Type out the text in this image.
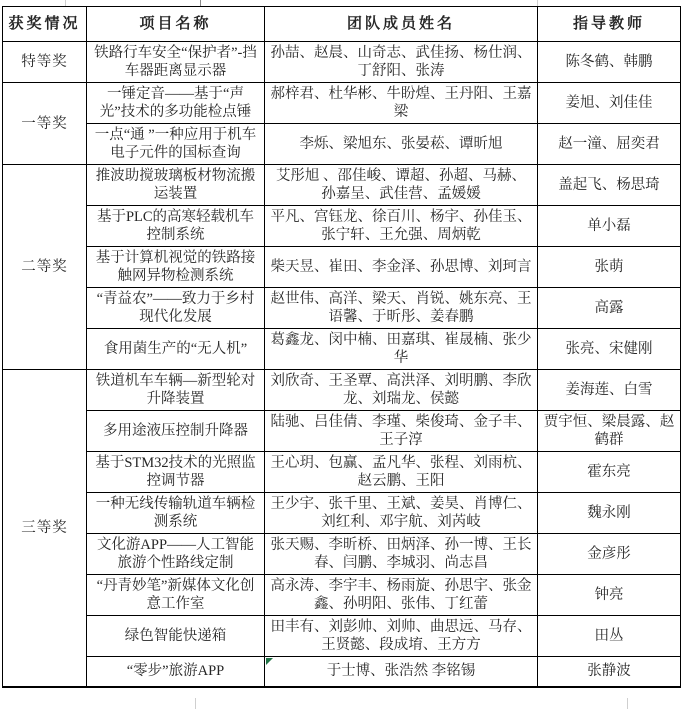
获奖情况	项目名称	团队成员姓名	指导教师
特等奖	铁路行车安全“保护者”-挡车器距离显示器	孙喆、赵晨、山奇志、武佳扬、杨仕润、丁舒阳、张涛	陈冬鹤、韩鹏
一等奖	一锤定音——基于“声光”技术的多功能检点锤	郝梓君、杜华彬、牛盼煌、王丹阳、王嘉梁	姜旭、刘佳佳
	一点“通 ”一种应用于机车电子元件的国标查询	李烁、梁旭东、张晏菘、谭昕旭	赵一潼、屈奕君
二等奖	推波助搅玻璃板材物流搬运装置	艾彤旭 、邵佳峻、谭超、孙超、马赫、孙嘉呈、武佳营、孟媛媛	盖起飞、杨思琦
	基于PLC的高寒轻载机车控制系统	平凡、宫钰龙、徐百川、杨宇、孙佳玉、张宁轩、王允强、周炳乾	单小磊
	基于计算机视觉的铁路接触网异物检测系统	柴天昱、崔田、李金泽、孙思博、刘珂言	张萌
	“青益农”——致力于乡村现代化发展	赵世伟、高洋、梁天、肖锐、姚东亮、王语馨、于昕彤、姜春鹏	高露
	食用菌生产的“无人机”	葛鑫龙、闵中楠、田嘉琪、崔晟楠、张少华	张亮、宋健刚
三等奖	铁道机车车辆—新型轮对升降装置	刘欣奇、王圣覃、高洪泽、刘明鹏、李欣龙、刘瑞龙、侯懿	姜海莲、白雪
	多用途液压控制升降器	陆驰、吕佳倩、李瑾、柴俊琦、金子丰、王子淳	贾宇恒、梁晨露、赵鹤群
	基于STM32技术的光照监控调节器	王心玥、包赢、孟凡华、张程、刘雨杭、赵云鹏、王阳	霍东亮
	一种无线传输轨道车辆检测系统	王少宇、张千里、王斌、姜昊、肖博仁、刘红利、邓宇航、刘芮岐	魏永刚
	文化游APP——人工智能旅游个性路线定制	张天赐、李昕桥、田炳泽、孙一博、王长春、闫鹏、李城羽、尚志昌	金彦彤
	“丹青妙笔”新媒体文化创意工作室	高永涛、李宇丰、杨雨旋、孙思宇、张金鑫、孙明阳、张伟、丁红蕾	钟亮
	绿色智能快递箱	田丰有、刘彭帅、刘帅、曲思远、马存、王贤懿、段成堉、王方方	田丛
	“零步”旅游APP	于士博、张浩然 李铭锡	张静波
